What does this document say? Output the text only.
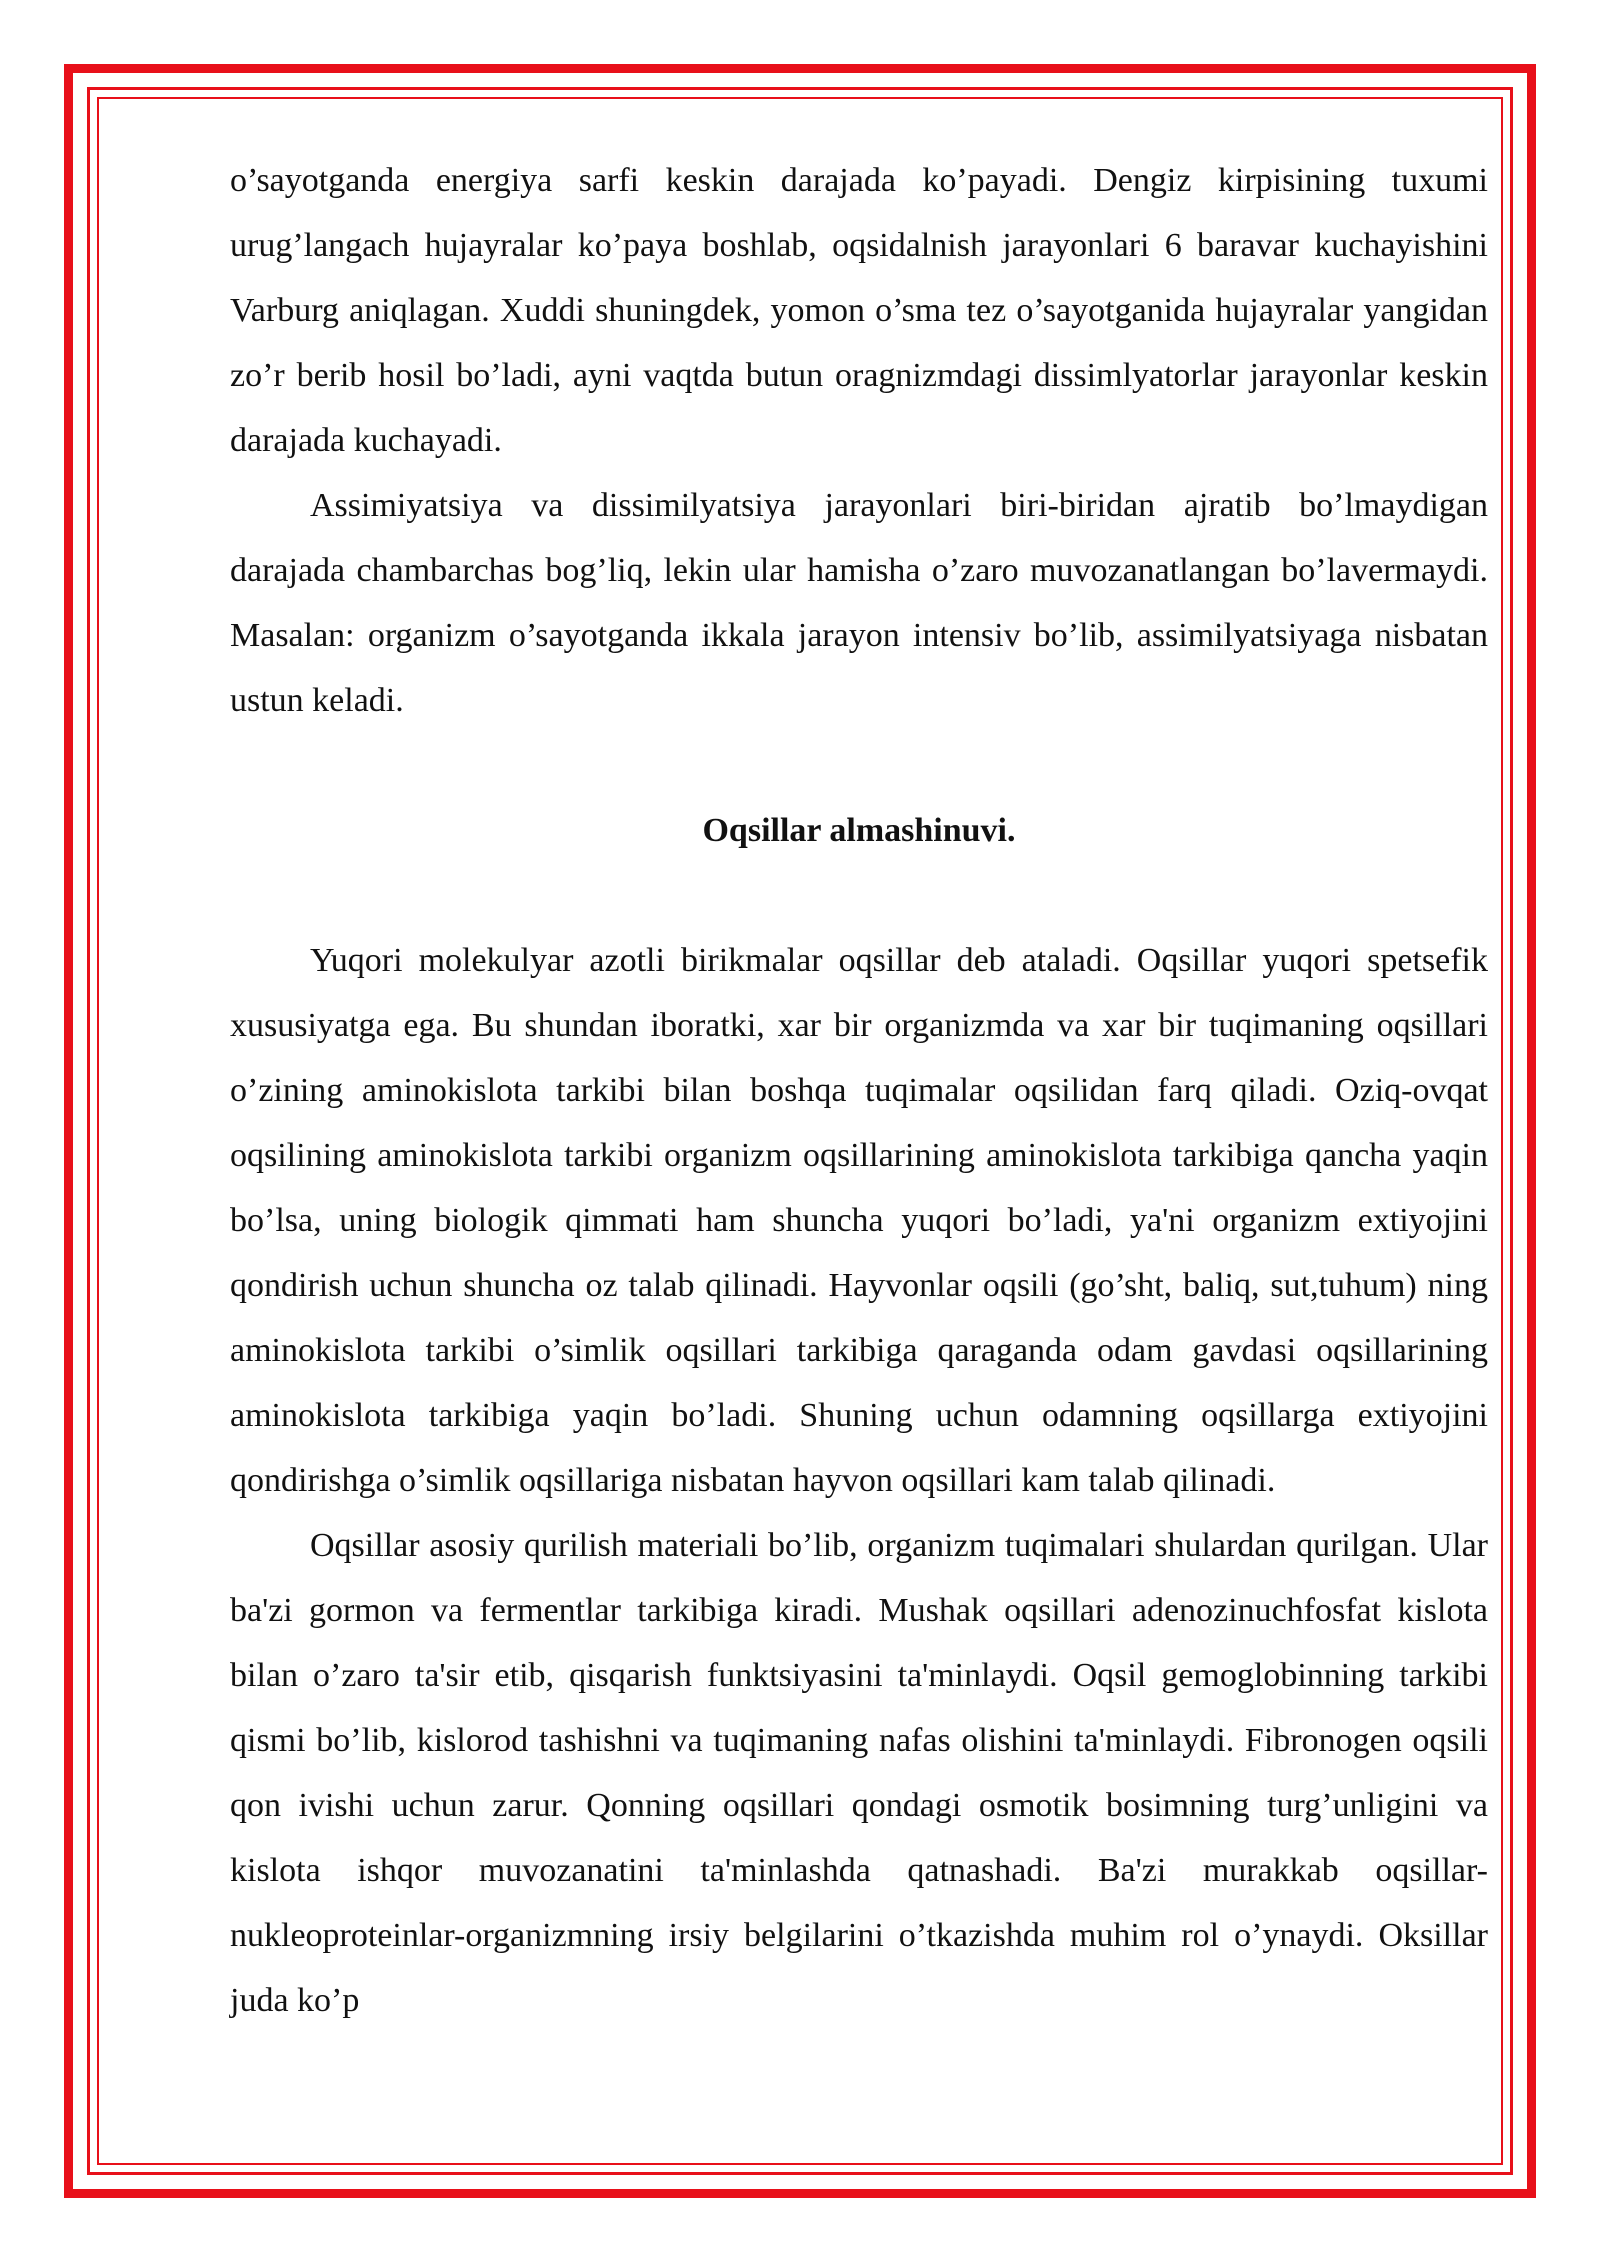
o’sayotganda energiya sarfi keskin darajada ko’payadi. Dengiz kirpisining tuxumi urug’langach hujayralar ko’paya boshlab, oqsidalnish jarayonlari 6 baravar kuchayishini Varburg aniqlagan. Xuddi shuningdek, yomon o’sma tez o’sayotganida hujayralar yangidan zo’r berib hosil bo’ladi, ayni vaqtda butun oragnizmdagi dissimlyatorlar jarayonlar keskin darajada kuchayadi.

Assimiyatsiya va dissimilyatsiya jarayonlari biri-biridan ajratib bo’lmaydigan darajada chambarchas bog’liq, lekin ular hamisha o’zaro muvozanatlangan bo’lavermaydi. Masalan: organizm o’sayotganda ikkala jarayon intensiv bo’lib, assimilyatsiyaga nisbatan ustun keladi.

Oqsillar almashinuvi.

Yuqori molekulyar azotli birikmalar oqsillar deb ataladi. Oqsillar yuqori spetsefik xususiyatga ega. Bu shundan iboratki, xar bir organizmda va xar bir tuqimaning oqsillari o’zining aminokislota tarkibi bilan boshqa tuqimalar oqsilidan farq qiladi. Oziq-ovqat oqsilining aminokislota tarkibi organizm oqsillarining aminokislota tarkibiga qancha yaqin bo’lsa, uning biologik qimmati ham shuncha yuqori bo’ladi, ya'ni organizm extiyojini qondirish uchun shuncha oz talab qilinadi. Hayvonlar oqsili (go’sht, baliq, sut,tuhum) ning aminokislota tarkibi o’simlik oqsillari tarkibiga qaraganda odam gavdasi oqsillarining aminokislota tarkibiga yaqin bo’ladi. Shuning uchun odamning oqsillarga extiyojini qondirishga o’simlik oqsillariga nisbatan hayvon oqsillari kam talab qilinadi.

Oqsillar asosiy qurilish materiali bo’lib, organizm tuqimalari shulardan qurilgan. Ular ba'zi gormon va fermentlar tarkibiga kiradi. Mushak oqsillari adenozinuchfosfat kislota bilan o’zaro ta'sir etib, qisqarish funktsiyasini ta'minlaydi. Oqsil gemoglobinning tarkibi qismi bo’lib, kislorod tashishni va tuqimaning nafas olishini ta'minlaydi. Fibronogen oqsili qon ivishi uchun zarur. Qonning oqsillari qondagi osmotik bosimning turg’unligini va kislota ishqor muvozanatini ta'minlashda qatnashadi. Ba'zi murakkab oqsillar-nukleoproteinlar-organizmning irsiy belgilarini o’tkazishda muhim rol o’ynaydi. Oksillar juda ko’p
